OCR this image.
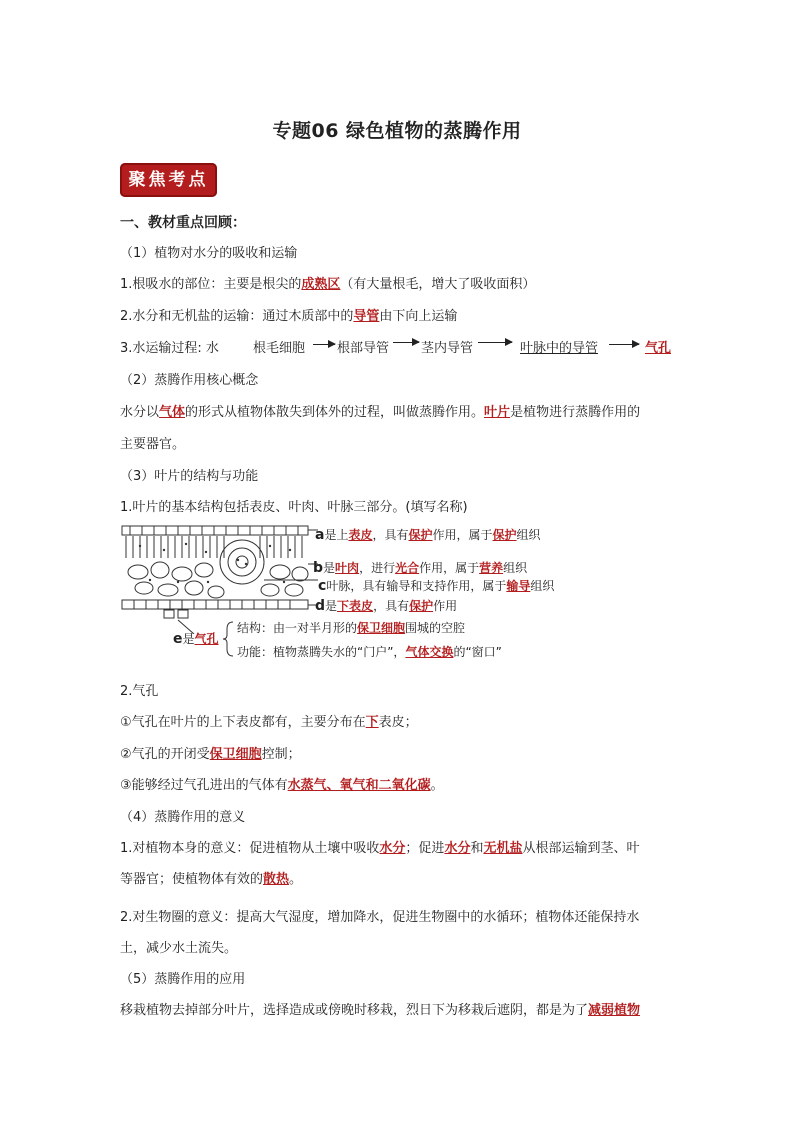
专题06 绿色植物的蒸腾作用
聚焦考点
一、教材重点回顾：
（1）植物对水分的吸收和运输
1.根吸水的部位：主要是根尖的成熟区（有大量根毛，增大了吸收面积）
2.水分和无机盐的运输：通过木质部中的导管由下向上运输
3.水运输过程: 水	根毛细胞 根部导管 茎内导管	叶脉中的导管	气孔
（2）蒸腾作用核心概念
水分以气体的形式从植物体散失到体外的过程，叫做蒸腾作用。叶片是植物进行蒸腾作用的
主要器官。
（3）叶片的结构与功能
1.叶片的基本结构包括表皮、叶肉、叶脉三部分。(填写名称)
a是上表皮，具有保护作用，属于保护组织
b是叶肉，进行光合作用，属于营养组织
c叶脉，具有输导和支持作用，属于输导组织
d是下表皮，具有保护作用
e是气孔
结构：由一对半月形的保卫细胞围城的空腔
功能：植物蒸腾失水的“门户”，气体交换的“窗口”
2.气孔
①气孔在叶片的上下表皮都有，主要分布在下表皮；
②气孔的开闭受保卫细胞控制；
③能够经过气孔进出的气体有水蒸气、氧气和二氧化碳。
（4）蒸腾作用的意义
1.对植物本身的意义：促进植物从土壤中吸收水分；促进水分和无机盐从根部运输到茎、叶
等器官；使植物体有效的散热。
2.对生物圈的意义：提高大气湿度，增加降水，促进生物圈中的水循环；植物体还能保持水
土，减少水土流失。
（5）蒸腾作用的应用
移栽植物去掉部分叶片，选择造成或傍晚时移栽，烈日下为移栽后遮阴，都是为了减弱植物
